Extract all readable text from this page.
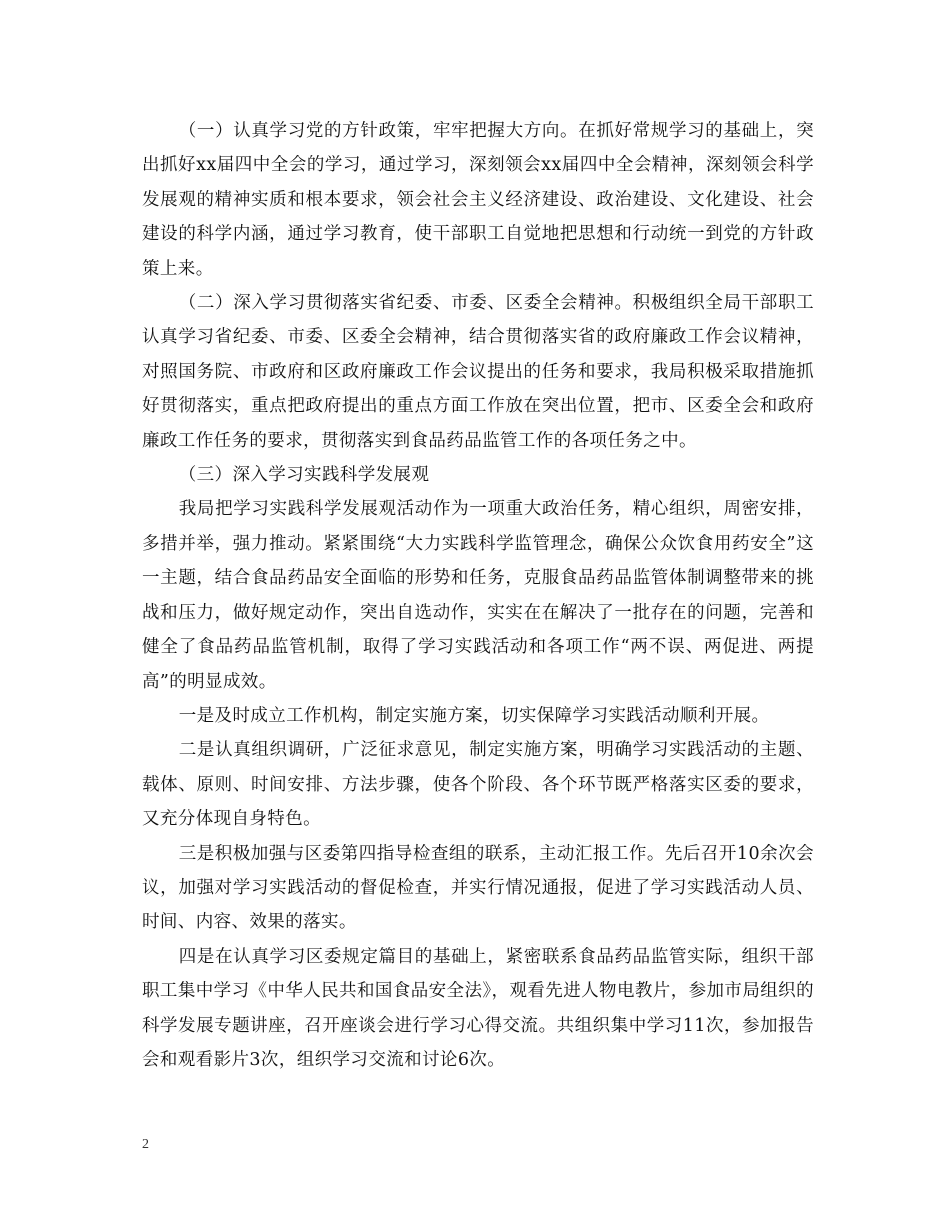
（一）认真学习党的方针政策，牢牢把握大方向。在抓好常规学习的基础上，突出抓好xx届四中全会的学习，通过学习，深刻领会xx届四中全会精神，深刻领会科学发展观的精神实质和根本要求，领会社会主义经济建设、政治建设、文化建设、社会建设的科学内涵，通过学习教育，使干部职工自觉地把思想和行动统一到党的方针政策上来。

（二）深入学习贯彻落实省纪委、市委、区委全会精神。积极组织全局干部职工认真学习省纪委、市委、区委全会精神，结合贯彻落实省的政府廉政工作会议精神，对照国务院、市政府和区政府廉政工作会议提出的任务和要求，我局积极采取措施抓好贯彻落实，重点把政府提出的重点方面工作放在突出位置，把市、区委全会和政府廉政工作任务的要求，贯彻落实到食品药品监管工作的各项任务之中。

（三）深入学习实践科学发展观

我局把学习实践科学发展观活动作为一项重大政治任务，精心组织，周密安排，多措并举，强力推动。紧紧围绕“大力实践科学监管理念，确保公众饮食用药安全”这一主题，结合食品药品安全面临的形势和任务，克服食品药品监管体制调整带来的挑战和压力，做好规定动作，突出自选动作，实实在在解决了一批存在的问题，完善和健全了食品药品监管机制，取得了学习实践活动和各项工作“两不误、两促进、两提高”的明显成效。

一是及时成立工作机构，制定实施方案，切实保障学习实践活动顺利开展。

二是认真组织调研，广泛征求意见，制定实施方案，明确学习实践活动的主题、载体、原则、时间安排、方法步骤，使各个阶段、各个环节既严格落实区委的要求，又充分体现自身特色。

三是积极加强与区委第四指导检查组的联系，主动汇报工作。先后召开10余次会议，加强对学习实践活动的督促检查，并实行情况通报，促进了学习实践活动人员、时间、内容、效果的落实。

四是在认真学习区委规定篇目的基础上，紧密联系食品药品监管实际，组织干部职工集中学习《中华人民共和国食品安全法》，观看先进人物电教片，参加市局组织的科学发展专题讲座，召开座谈会进行学习心得交流。共组织集中学习11次，参加报告会和观看影片3次，组织学习交流和讨论6次。

2
